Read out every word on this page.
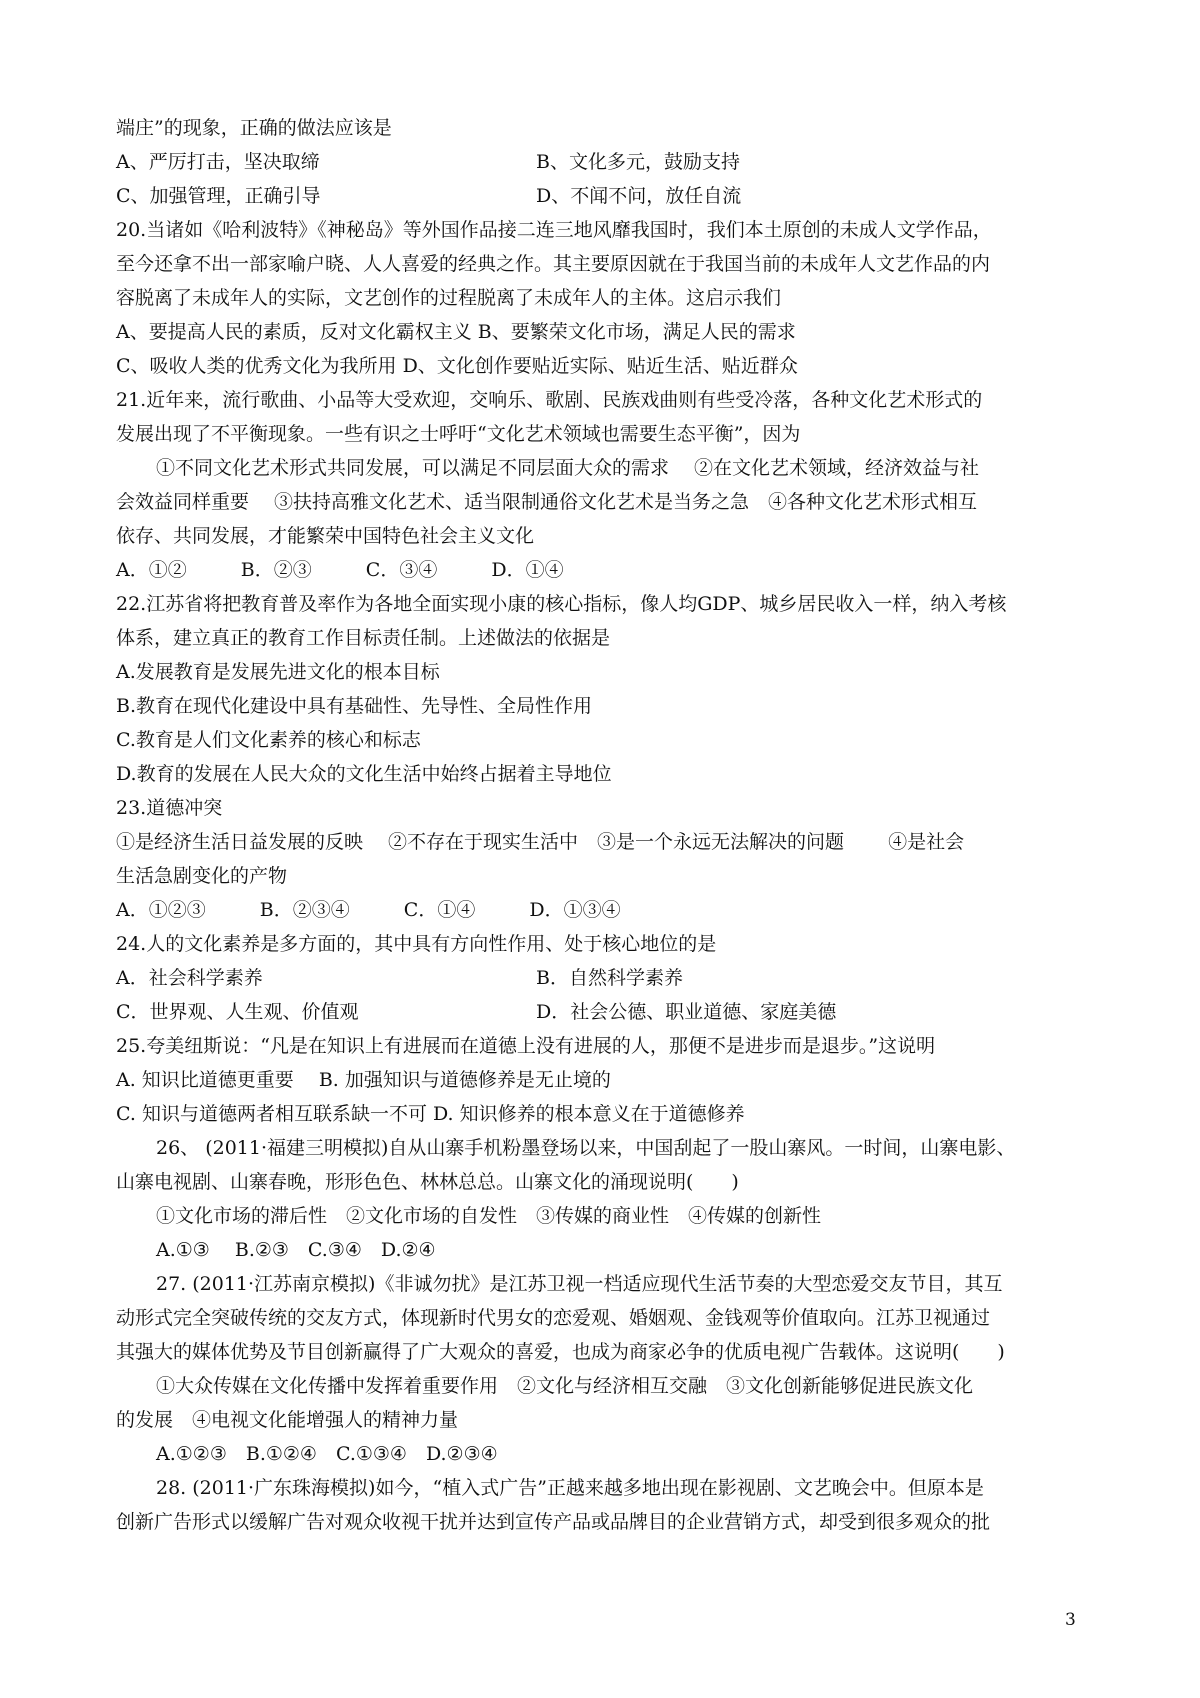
端庄”的现象，正确的做法应该是
A、严厉打击，坚决取缔	B、文化多元，鼓励支持
C、加强管理，正确引导	D、不闻不问，放任自流
20.当诸如《哈利波特》《神秘岛》等外国作品接二连三地风靡我国时，我们本土原创的未成人文学作品，
至今还拿不出一部家喻户晓、人人喜爱的经典之作。其主要原因就在于我国当前的未成年人文艺作品的内
容脱离了未成年人的实际，文艺创作的过程脱离了未成年人的主体。这启示我们
A、要提高人民的素质，反对文化霸权主义 B、要繁荣文化市场，满足人民的需求
C、吸收人类的优秀文化为我所用 D、文化创作要贴近实际、贴近生活、贴近群众
21.近年来，流行歌曲、小品等大受欢迎，交响乐、歌剧、民族戏曲则有些受冷落，各种文化艺术形式的
发展出现了不平衡现象。一些有识之士呼吁“文化艺术领域也需要生态平衡”，因为
①不同文化艺术形式共同发展，可以满足不同层面大众的需求　 ②在文化艺术领域，经济效益与社
会效益同样重要　 ③扶持高雅文化艺术、适当限制通俗文化艺术是当务之急　④各种文化艺术形式相互
依存、共同发展，才能繁荣中国特色社会主义文化
A．①②	B．②③	C．③④	D．①④
22.江苏省将把教育普及率作为各地全面实现小康的核心指标，像人均GDP、城乡居民收入一样，纳入考核
体系，建立真正的教育工作目标责任制。上述做法的依据是
A.发展教育是发展先进文化的根本目标
B.教育在现代化建设中具有基础性、先导性、全局性作用
C.教育是人们文化素养的核心和标志
D.教育的发展在人民大众的文化生活中始终占据着主导地位
23.道德冲突
①是经济生活日益发展的反映　 ②不存在于现实生活中　③是一个永远无法解决的问题　　 ④是社会
生活急剧变化的产物
A．①②③	B．②③④	C．①④	D．①③④
24.人的文化素养是多方面的，其中具有方向性作用、处于核心地位的是
A．社会科学素养	B．自然科学素养
C．世界观、人生观、价值观	D．社会公德、职业道德、家庭美德
25.夸美纽斯说：“凡是在知识上有进展而在道德上没有进展的人，那便不是进步而是退步。”这说明
A. 知识比道德更重要　 B. 加强知识与道德修养是无止境的
C. 知识与道德两者相互联系缺一不可 D. 知识修养的根本意义在于道德修养
26、 (2011·福建三明模拟)自从山寨手机粉墨登场以来，中国刮起了一股山寨风。一时间，山寨电影、
山寨电视剧、山寨春晚，形形色色、林林总总。山寨文化的涌现说明(　　)
①文化市场的滞后性　②文化市场的自发性　③传媒的商业性　④传媒的创新性
A.①③　 B.②③　C.③④　D.②④
27. (2011·江苏南京模拟)《非诚勿扰》是江苏卫视一档适应现代生活节奏的大型恋爱交友节目，其互
动形式完全突破传统的交友方式，体现新时代男女的恋爱观、婚姻观、金钱观等价值取向。江苏卫视通过
其强大的媒体优势及节目创新赢得了广大观众的喜爱，也成为商家必争的优质电视广告载体。这说明(　　)
①大众传媒在文化传播中发挥着重要作用　②文化与经济相互交融　③文化创新能够促进民族文化
的发展　④电视文化能增强人的精神力量
A.①②③　B.①②④　C.①③④　D.②③④
28. (2011·广东珠海模拟)如今，“植入式广告”正越来越多地出现在影视剧、文艺晚会中。但原本是
创新广告形式以缓解广告对观众收视干扰并达到宣传产品或品牌目的企业营销方式，却受到很多观众的批
3
